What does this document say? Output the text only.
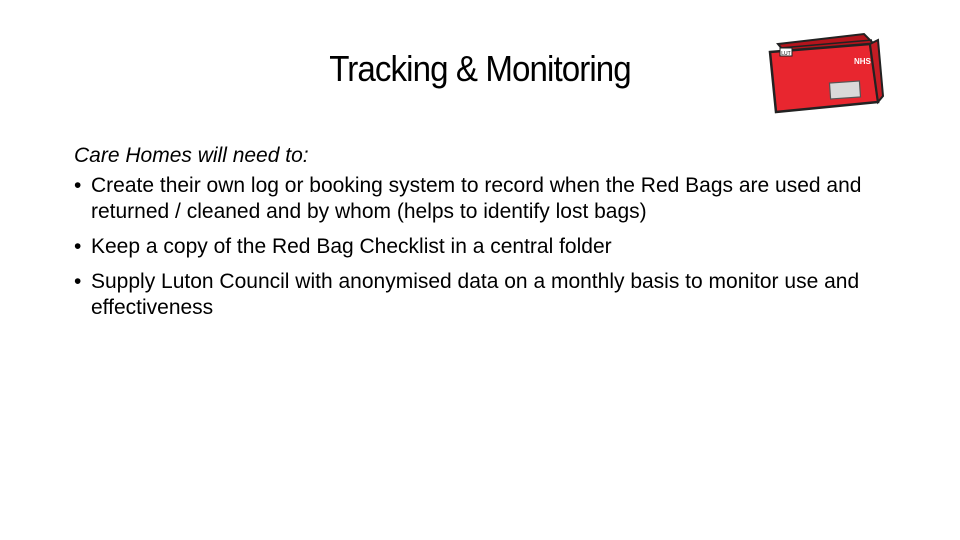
Tracking & Monitoring	LUT
NHS

Care Homes will need to:

• Create their own log or booking system to record when the Red Bags are used and returned / cleaned and by whom (helps to identify lost bags)
• Keep a copy of the Red Bag Checklist in a central folder
• Supply Luton Council with anonymised data on a monthly basis to monitor use and effectiveness
